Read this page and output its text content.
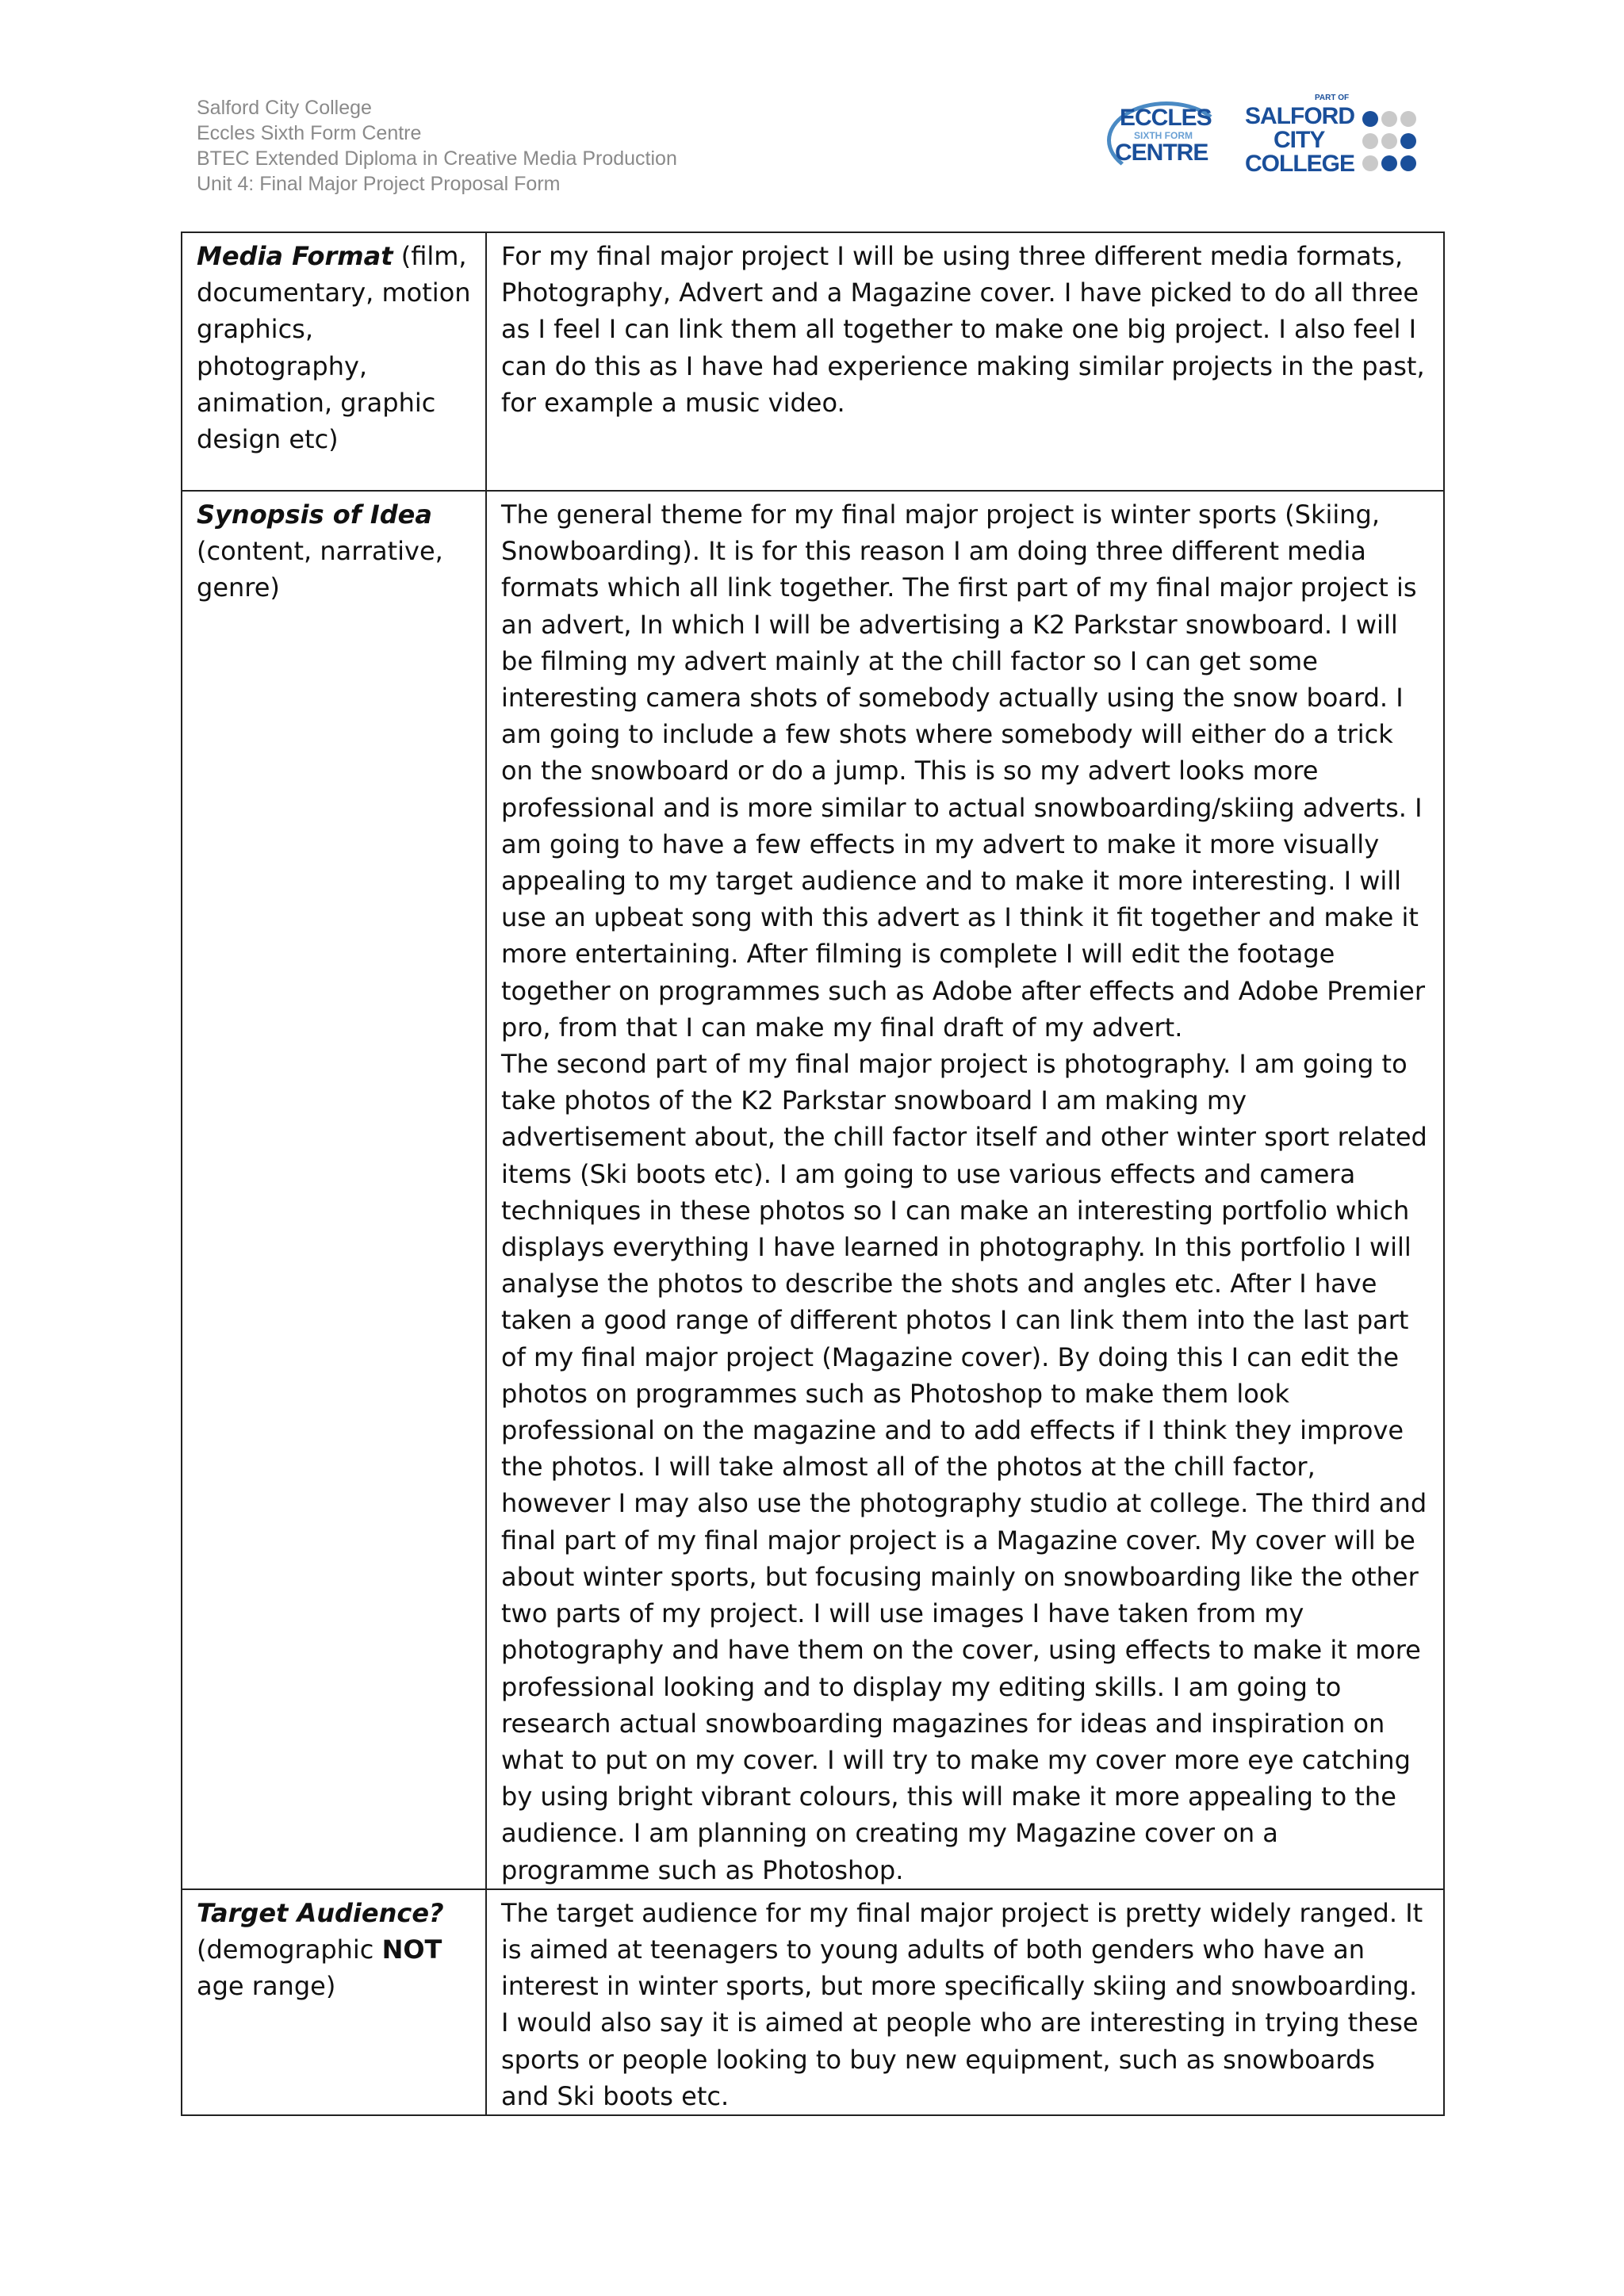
Salford City College
Eccles Sixth Form Centre
BTEC Extended Diploma in Creative Media Production
Unit 4: Final Major Project Proposal Form
ECCLES
SIXTH FORM
CENTRE
PART OF
SALFORD
CITY
COLLEGE
Media Format (film, documentary, motion graphics, photography, animation, graphic design etc)	For my final major project I will be using three different media formats, Photography, Advert and a Magazine cover. I have picked to do all three as I feel I can link them all together to make one big project. I also feel I can do this as I have had experience making similar projects in the past, for example a music video.

Synopsis of Idea (content, narrative, genre)	The general theme for my final major project is winter sports (Skiing, Snowboarding). It is for this reason I am doing three different media formats which all link together. The first part of my final major project is an advert, In which I will be advertising a K2 Parkstar snowboard. I will be filming my advert mainly at the chill factor so I can get some interesting camera shots of somebody actually using the snow board. I am going to include a few shots where somebody will either do a trick on the snowboard or do a jump. This is so my advert looks more professional and is more similar to actual snowboarding/skiing adverts. I am going to have a few effects in my advert to make it more visually appealing to my target audience and to make it more interesting. I will use an upbeat song with this advert as I think it fit together and make it more entertaining. After filming is complete I will edit the footage together on programmes such as Adobe after effects and Adobe Premier pro, from that I can make my final draft of my advert.
The second part of my final major project is photography. I am going to take photos of the K2 Parkstar snowboard I am making my advertisement about, the chill factor itself and other winter sport related items (Ski boots etc). I am going to use various effects and camera techniques in these photos so I can make an interesting portfolio which displays everything I have learned in photography. In this portfolio I will analyse the photos to describe the shots and angles etc. After I have taken a good range of different photos I can link them into the last part of my final major project (Magazine cover). By doing this I can edit the photos on programmes such as Photoshop to make them look professional on the magazine and to add effects if I think they improve the photos. I will take almost all of the photos at the chill factor, however I may also use the photography studio at college. The third and final part of my final major project is a Magazine cover. My cover will be about winter sports, but focusing mainly on snowboarding like the other two parts of my project. I will use images I have taken from my photography and have them on the cover, using effects to make it more professional looking and to display my editing skills. I am going to research actual snowboarding magazines for ideas and inspiration on what to put on my cover. I will try to make my cover more eye catching by using bright vibrant colours, this will make it more appealing to the audience. I am planning on creating my Magazine cover on a programme such as Photoshop.

Target Audience? (demographic NOT age range)	The target audience for my final major project is pretty widely ranged. It is aimed at teenagers to young adults of both genders who have an interest in winter sports, but more specifically skiing and snowboarding. I would also say it is aimed at people who are interesting in trying these sports or people looking to buy new equipment, such as snowboards and Ski boots etc.
